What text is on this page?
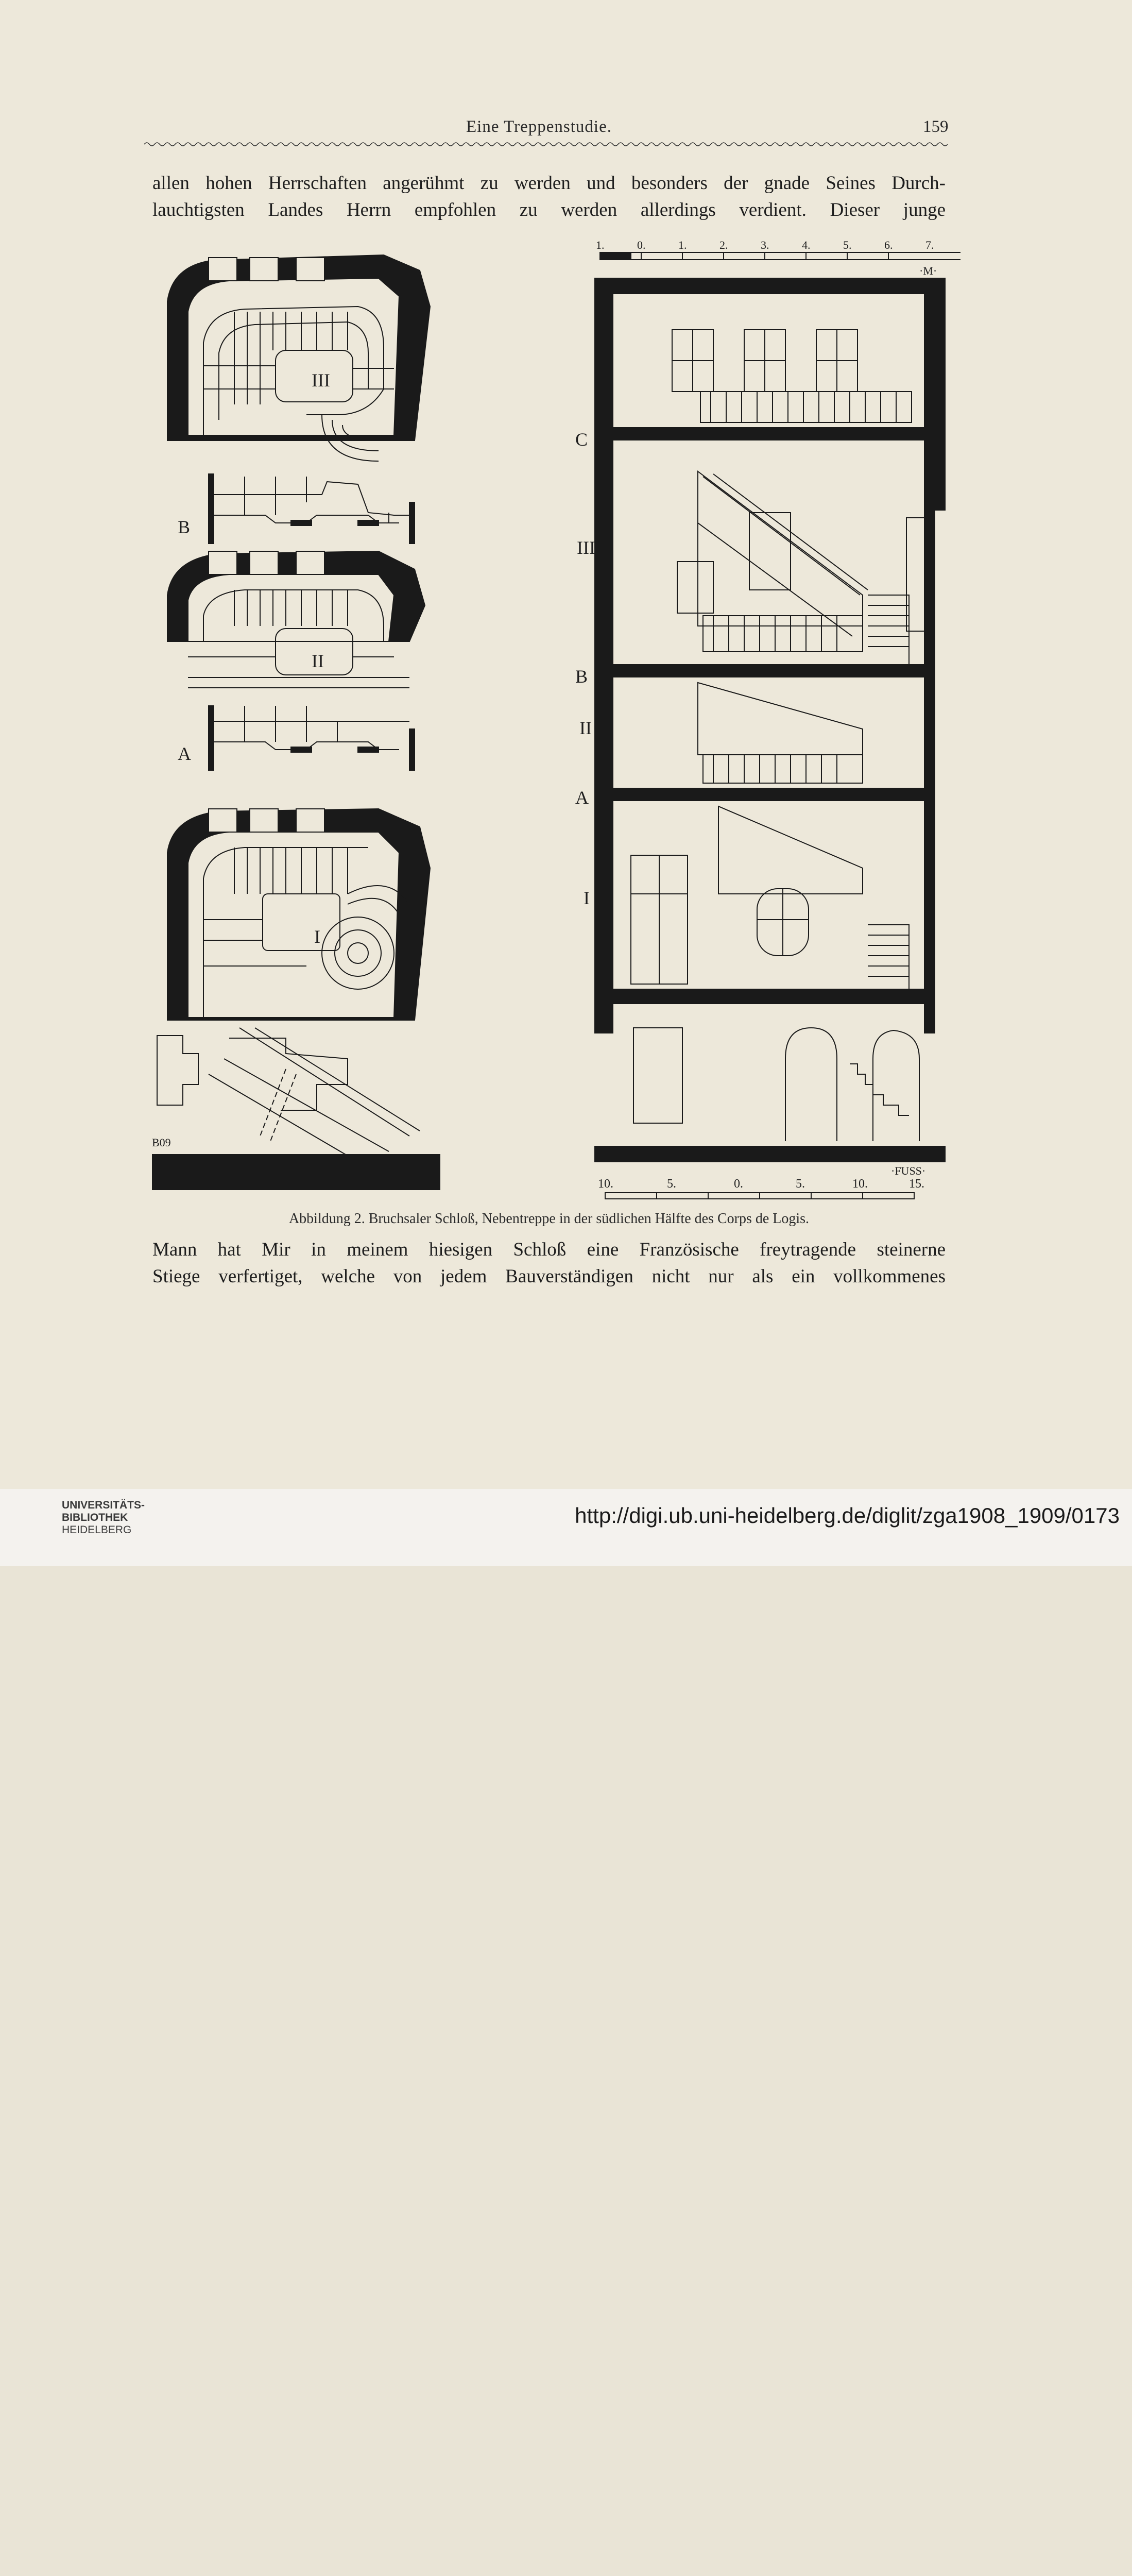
Eine Treppenstudie.	159
allen hohen Herrschaften angerühmt zu werden und besonders der gnade Seines Durch-
lauchtigsten Landes Herrn empfohlen zu werden allerdings verdient. Dieser junge
III
B
II
A
I
B09
1.	0.	1.	2.	3.	4.	5.	6.	7.
·M·
C
III
B
II
A
I
10.	5.	0.	5.	10.	15.
·FUSS·
Abbildung 2. Bruchsaler Schloß, Nebentreppe in der südlichen Hälfte des Corps de Logis.
Mann hat Mir in meinem hiesigen Schloß eine Französische freytragende steinerne
Stiege verfertiget, welche von jedem Bauverständigen nicht nur als ein vollkommenes
UNIVERSITÄTS-
BIBLIOTHEK
HEIDELBERG
http://digi.ub.uni-heidelberg.de/diglit/zga1908_1909/0173
